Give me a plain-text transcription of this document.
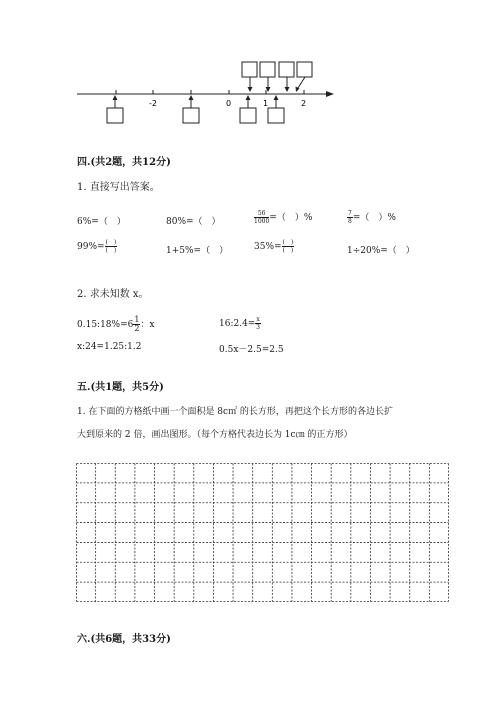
-2	0	1	2
四.(共2题，共12分)
1. 直接写出答案。
6%=（　）	80%=（　）	$\frac{56}{1000}$ =（　）%	$\frac{7}{8}$ =（　）%
$99\%= \frac{( )}{( )}$	1+5%=（　）	$35\%= \frac{( )}{( )}$	1÷20%=（　）
2. 求未知数 x。
0.15:18%=6 $\frac{1}{2}$ ：x	16:2.4= $\frac{x}{3}$
x:24=1.25:1.2	0.5x－2.5=2.5
五.(共1题，共5分)
1. 在下面的方格纸中画一个面积是 8c㎡ 的长方形，再把这个长方形的各边长扩
大到原来的 2 倍，画出图形。（每个方格代表边长为 1c㎝ 的正方形）
六.(共6题，共33分)
